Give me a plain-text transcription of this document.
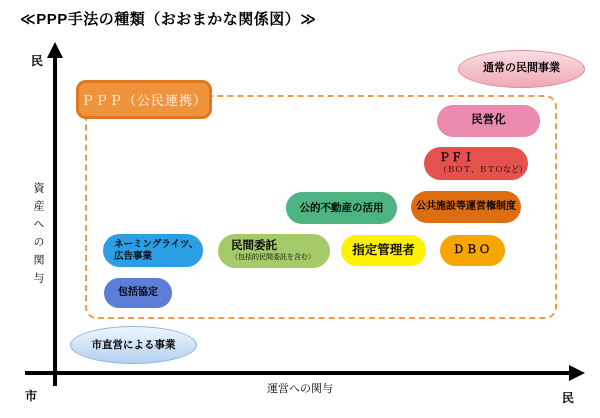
≪PPP手法の種類（おおまかな関係図）≫
民
資産への関与
市	運営への関与
民
ＰＰＰ（公民連携）
通常の民間事業
民営化
ＰＦＩ
（ＢＯＴ、ＢＴＯなど）
公的不動産の活用	公共施設等運営権制度
ネーミングライツ、
広告事業
民間委託
（包括的民間委託を含む）
指定管理者	ＤＢＯ
包括協定
市直営による事業
